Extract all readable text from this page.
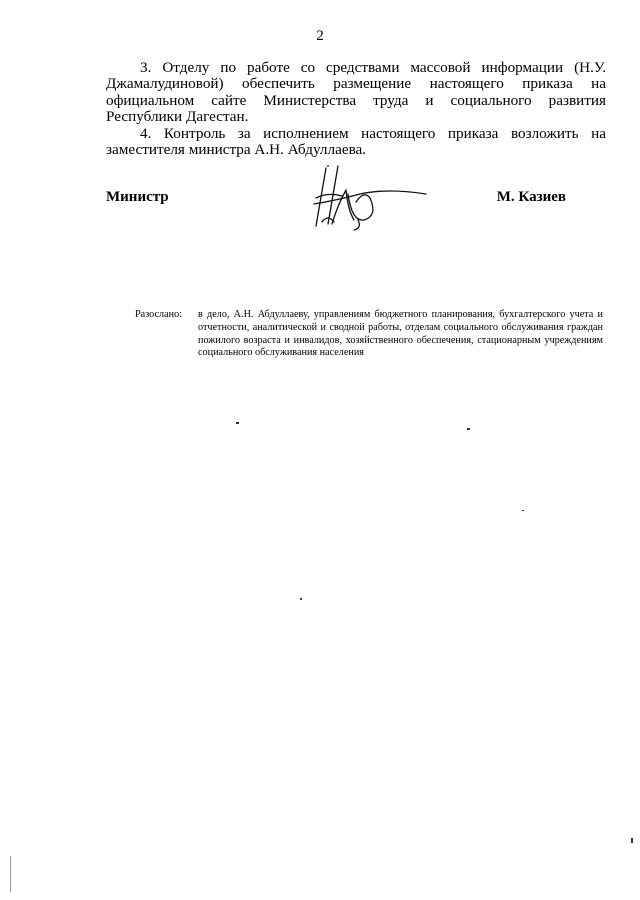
2

3. Отделу по работе со средствами массовой информации (Н.У. Джамалудиновой) обеспечить размещение настоящего приказа на официальном сайте Министерства труда и социального развития Республики Дагестан.

4. Контроль за исполнением настоящего приказа возложить на заместителя министра А.Н. Абдуллаева.

Министр	М. Казиев
Разослано: в дело, А.Н. Абдуллаеву, управлениям бюджетного планирования, бухгалтерского учета и отчетности, аналитической и сводной работы, отделам социального обслуживания граждан пожилого возраста и инвалидов, хозяйственного обеспечения, стационарным учреждениям социального обслуживания населения
